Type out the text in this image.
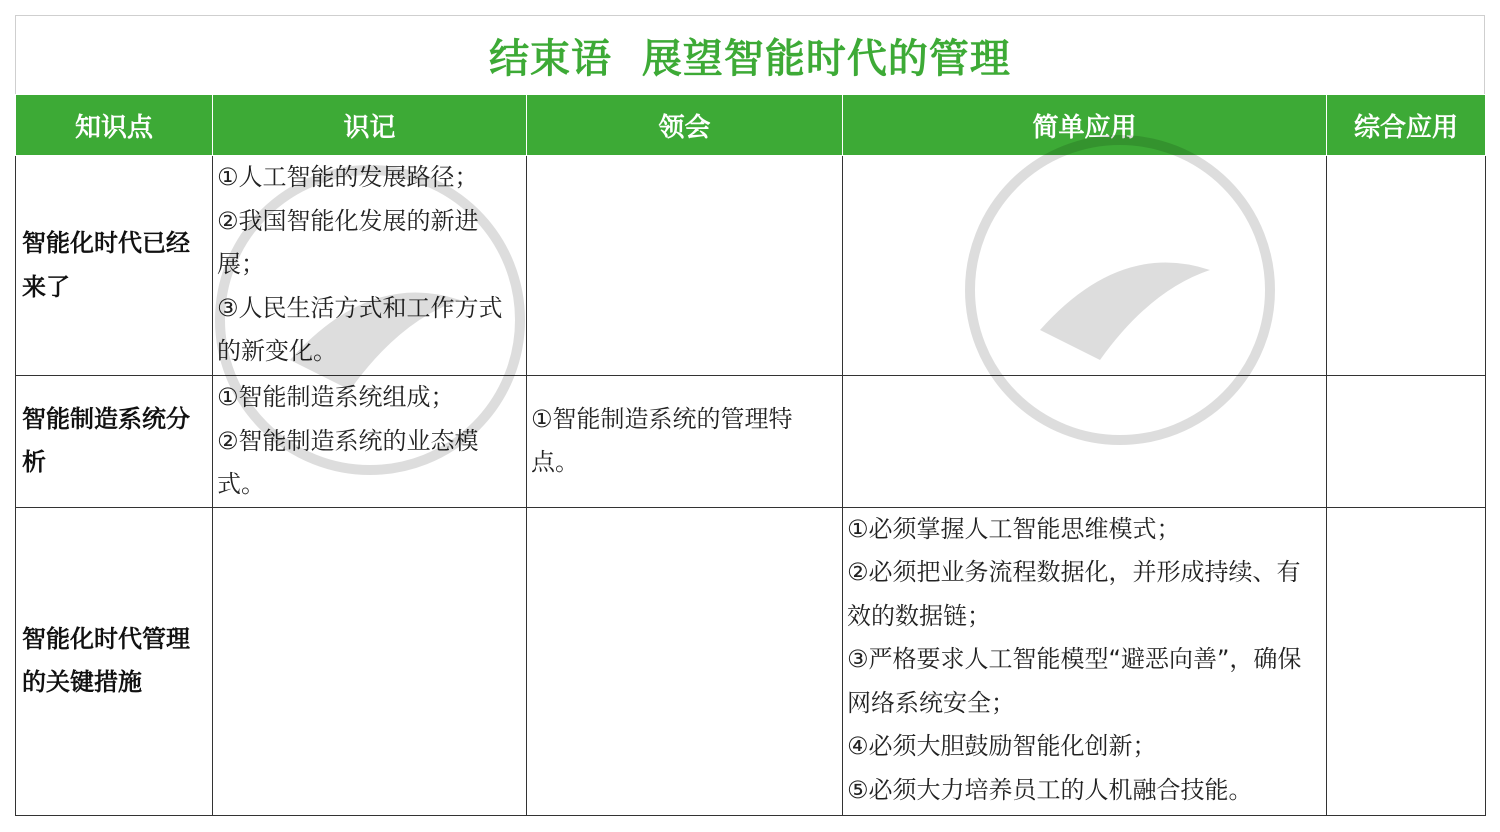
结束语  展望智能时代的管理
知识点	识记	领会	简单应用	综合应用
智能化时代已经来了	①人工智能的发展路径；
②我国智能化发展的新进展；
③人民生活方式和工作方式的新变化。			

智能制造系统分析	①智能制造系统组成；
②智能制造系统的业态模式。	①智能制造系统的管理特点。		

智能化时代管理的关键措施			①必须掌握人工智能思维模式；
②必须把业务流程数据化，并形成持续、有效的数据链；
③严格要求人工智能模型“避恶向善”，确保网络系统安全；
④必须大胆鼓励智能化创新；
⑤必须大力培养员工的人机融合技能。	
